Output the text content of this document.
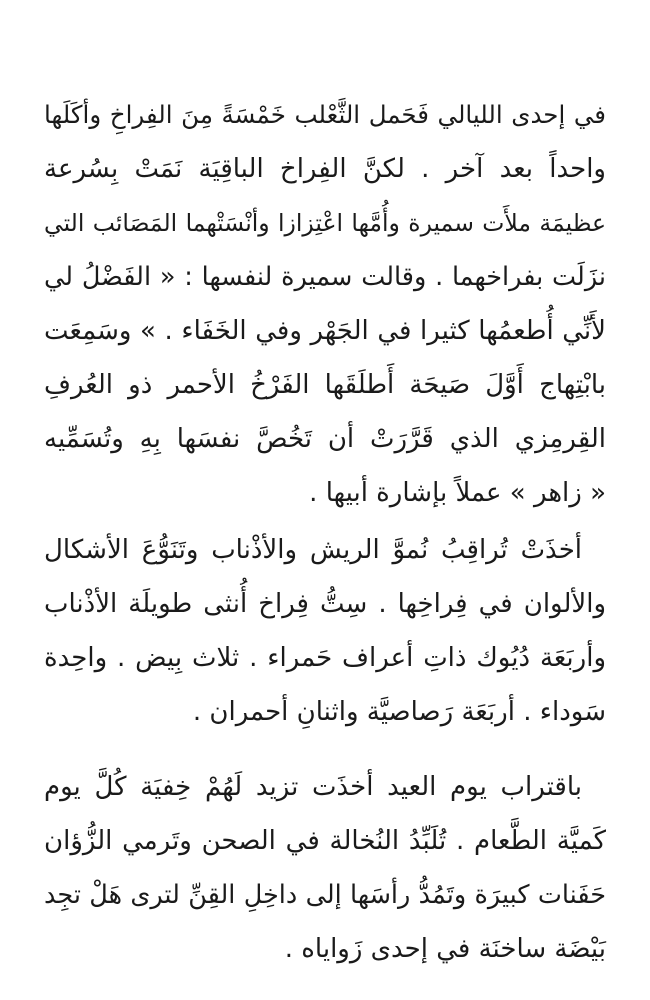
في إحدى الليالي فَحَمل الثَّعْلب خَمْسَةً مِنَ الفِراخِ وأكَلَها
واحداً بعد آخر . لكنَّ الفِراخ الباقِيَة نَمَتْ بِسُرعة
عظيمَة ملأَت سميرة وأُمَّها اعْتِزازا وأنْسَتْهما المَصَائب التي
نزَلَت بفراخهما . وقالت سميرة لنفسها : « الفَضْلُ لي
لأَنِّي أُطعمُها كثيرا في الجَهْر وفي الخَفَاء . » وسَمِعَت
بابْتِهاج أَوَّلَ صَيحَة أَطلَقَها الفَرْخُ الأحمر ذو العُرفِ
القِرمِزي الذي قَرَّرَتْ أن تَخُصَّ نفسَها بِهِ وتُسَمِّيه
« زاهر » عملاً بإشارة أبيها .
أخذَتْ تُراقِبُ نُموَّ الريش والأذْناب وتَنَوُّعَ الأشكال
والألوان في فِراخِها . سِتُّ فِراخ أُنثى طويلَة الأذْناب
وأربَعَة دُيُوك ذاتِ أعراف حَمراء . ثلاث بِيض . واحِدة
سَوداء . أربَعَة رَصاصيَّة واثنانِ أحمران .
باقتراب يوم العيد أخذَت تزيد لَهُمْ خِفيَة كُلَّ يوم
كَميَّة الطَّعام . تُلَبِّدُ النُخالة في الصحن وتَرمي الزُّؤان
حَفَنات كبيرَة وتَمُدُّ رأسَها إلى داخِلِ القِنِّ لترى هَلْ تجِد
بَيْضَة ساخنَة في إحدى زَواياه .
